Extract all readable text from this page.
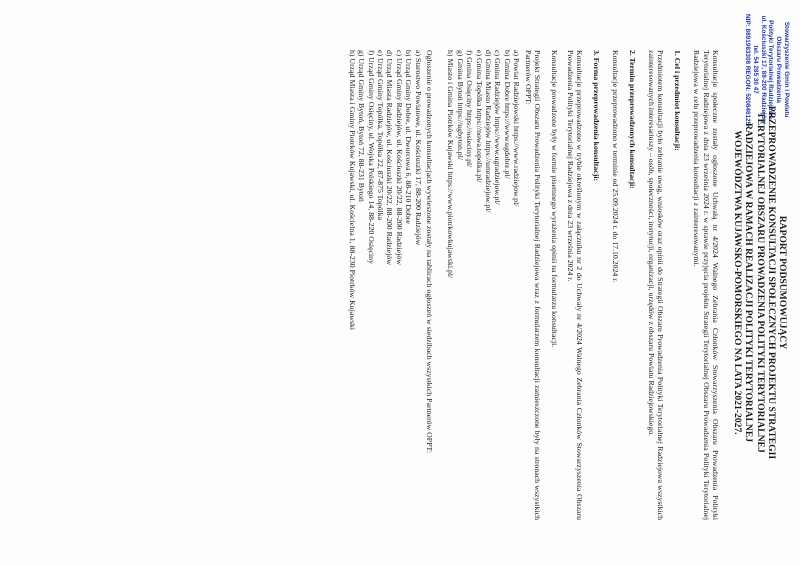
Stowarzyszenie Gmin i Powiatu
Obszaru Prowadzenia
Polityki Terytorialnej Radziejowa
ul. Kościuszki 17, 88-200 Radziejów
tel. 54 285 30 47
NIP: 8891983308 REGON: 520846125
RAPORT PODSUMOWUJĄCY
PRZEPROWADZENIE KONSULTACJI SPOŁECZNYCH PROJEKTU STRATEGII
TERYTORIALNEJ OBSZARU PROWADZENIA POLITYKI TERYTORIALNEJ
RADZIEJOWA W RAMACH REALIZACJI POLITYKI TERYTORIALNEJ
WOJEWÓDZTWA KUJAWSKO-POMORSKIEGO NA LATA 2021-2027.

Konsultacje społeczne zostały ogłoszone Uchwałą nr 4/2024 Walnego Zebrania Członków Stowarzyszenia Obszaru Prowadzenia Polityki Terytorialnej Radziejowa z dnia 23 września 2024 r. w sprawie przyjęcia projektu Strategii Terytorialnej Obszaru Prowadzenia Polityki Terytorialnej Radziejowa w celu przeprowadzenia konsultacji z zainteresowanymi.

1. Cel i przedmiot konsultacji:

Przedmiotem konsultacji było zebranie uwag, wniosków oraz opinii do Strategii Obszaru Prowadzenia Polityki Terytorialnej Radziejowa wszystkich zainteresowanych interesariuszy – osób, społeczności, instytucji, organizacji, urzędów z obszaru Powiatu Radziejowskiego.

2. Termin przeprowadzonych konsultacji:

Konsultacje przeprowadzono w terminie od 25.09.2024 r. do 17.10.2024 r.

3. Forma przeprowadzenia konsultacji:

Konsultacje przeprowadzono w trybie określonym w załączniku nr 2 do Uchwały nr 4/2024 Walnego Zebrania Członków Stowarzyszenia Obszaru Prowadzenia Polityki Terytorialnej Radziejowa z dnia 23 września 2024 r.

Konsultacje prowadzone były w formie pisemnego wyrażenia opinii na formularzu konsultacji.

Projekt Strategii Obszaru Prowadzenia Polityki Terytorialnej Radziejowa wraz z formularzem konsultacji zamieszczone były na stronach wszystkich Partnerów OPPT:

a) Powiat Radziejowski https://www.radziejow.pl/
b) Gmina Dobre https://www.ugdobre.pl/
c) Gmina Radziejów https://www.ugradziejow.pl/
d) Gmina Miasto Radziejów https://umradziejow.pl/
e) Gmina Topólka https://nowa.topolka.pl/
f) Gmina Osięciny https://osieciny.pl/
g) Gmina Bytoń https://ugbyton.pl/
h) Miasto i Gmina Piotrków Kujawski https://www.piotrkowkujawski.pl/

Ogłoszenie o prowadzonych konsultacjach wywieszone zostały na tablicach ogłoszeń w siedzibach wszystkich Partnerów OPPT:

a) Starostwo Powiatowe, ul. Kościuszki 17, 88-200 Radziejów
b) Urząd Gminy Dobre, ul. Dworcowa 6, 88-210 Dobre
c) Urząd Gminy Radziejów, ul. Kościuszki 20/22, 88-200 Radziejów
d) Urząd Miasta Radziejów, ul. Kościuszki 20/22, 88-200 Radziejów
e) Urząd Gminy Topólka, Topólka 22, 87-875 Topólka
f) Urząd Gminy Osięciny, ul. Wojska Polskiego 14, 88-220 Osięciny
g) Urząd Gminy Bytoń, Bytoń 72, 88-231 Bytoń
h) Urząd Miasta i Gminy Piotrków Kujawski, ul. Kościelna 1, 88-230 Piotrków Kujawski
